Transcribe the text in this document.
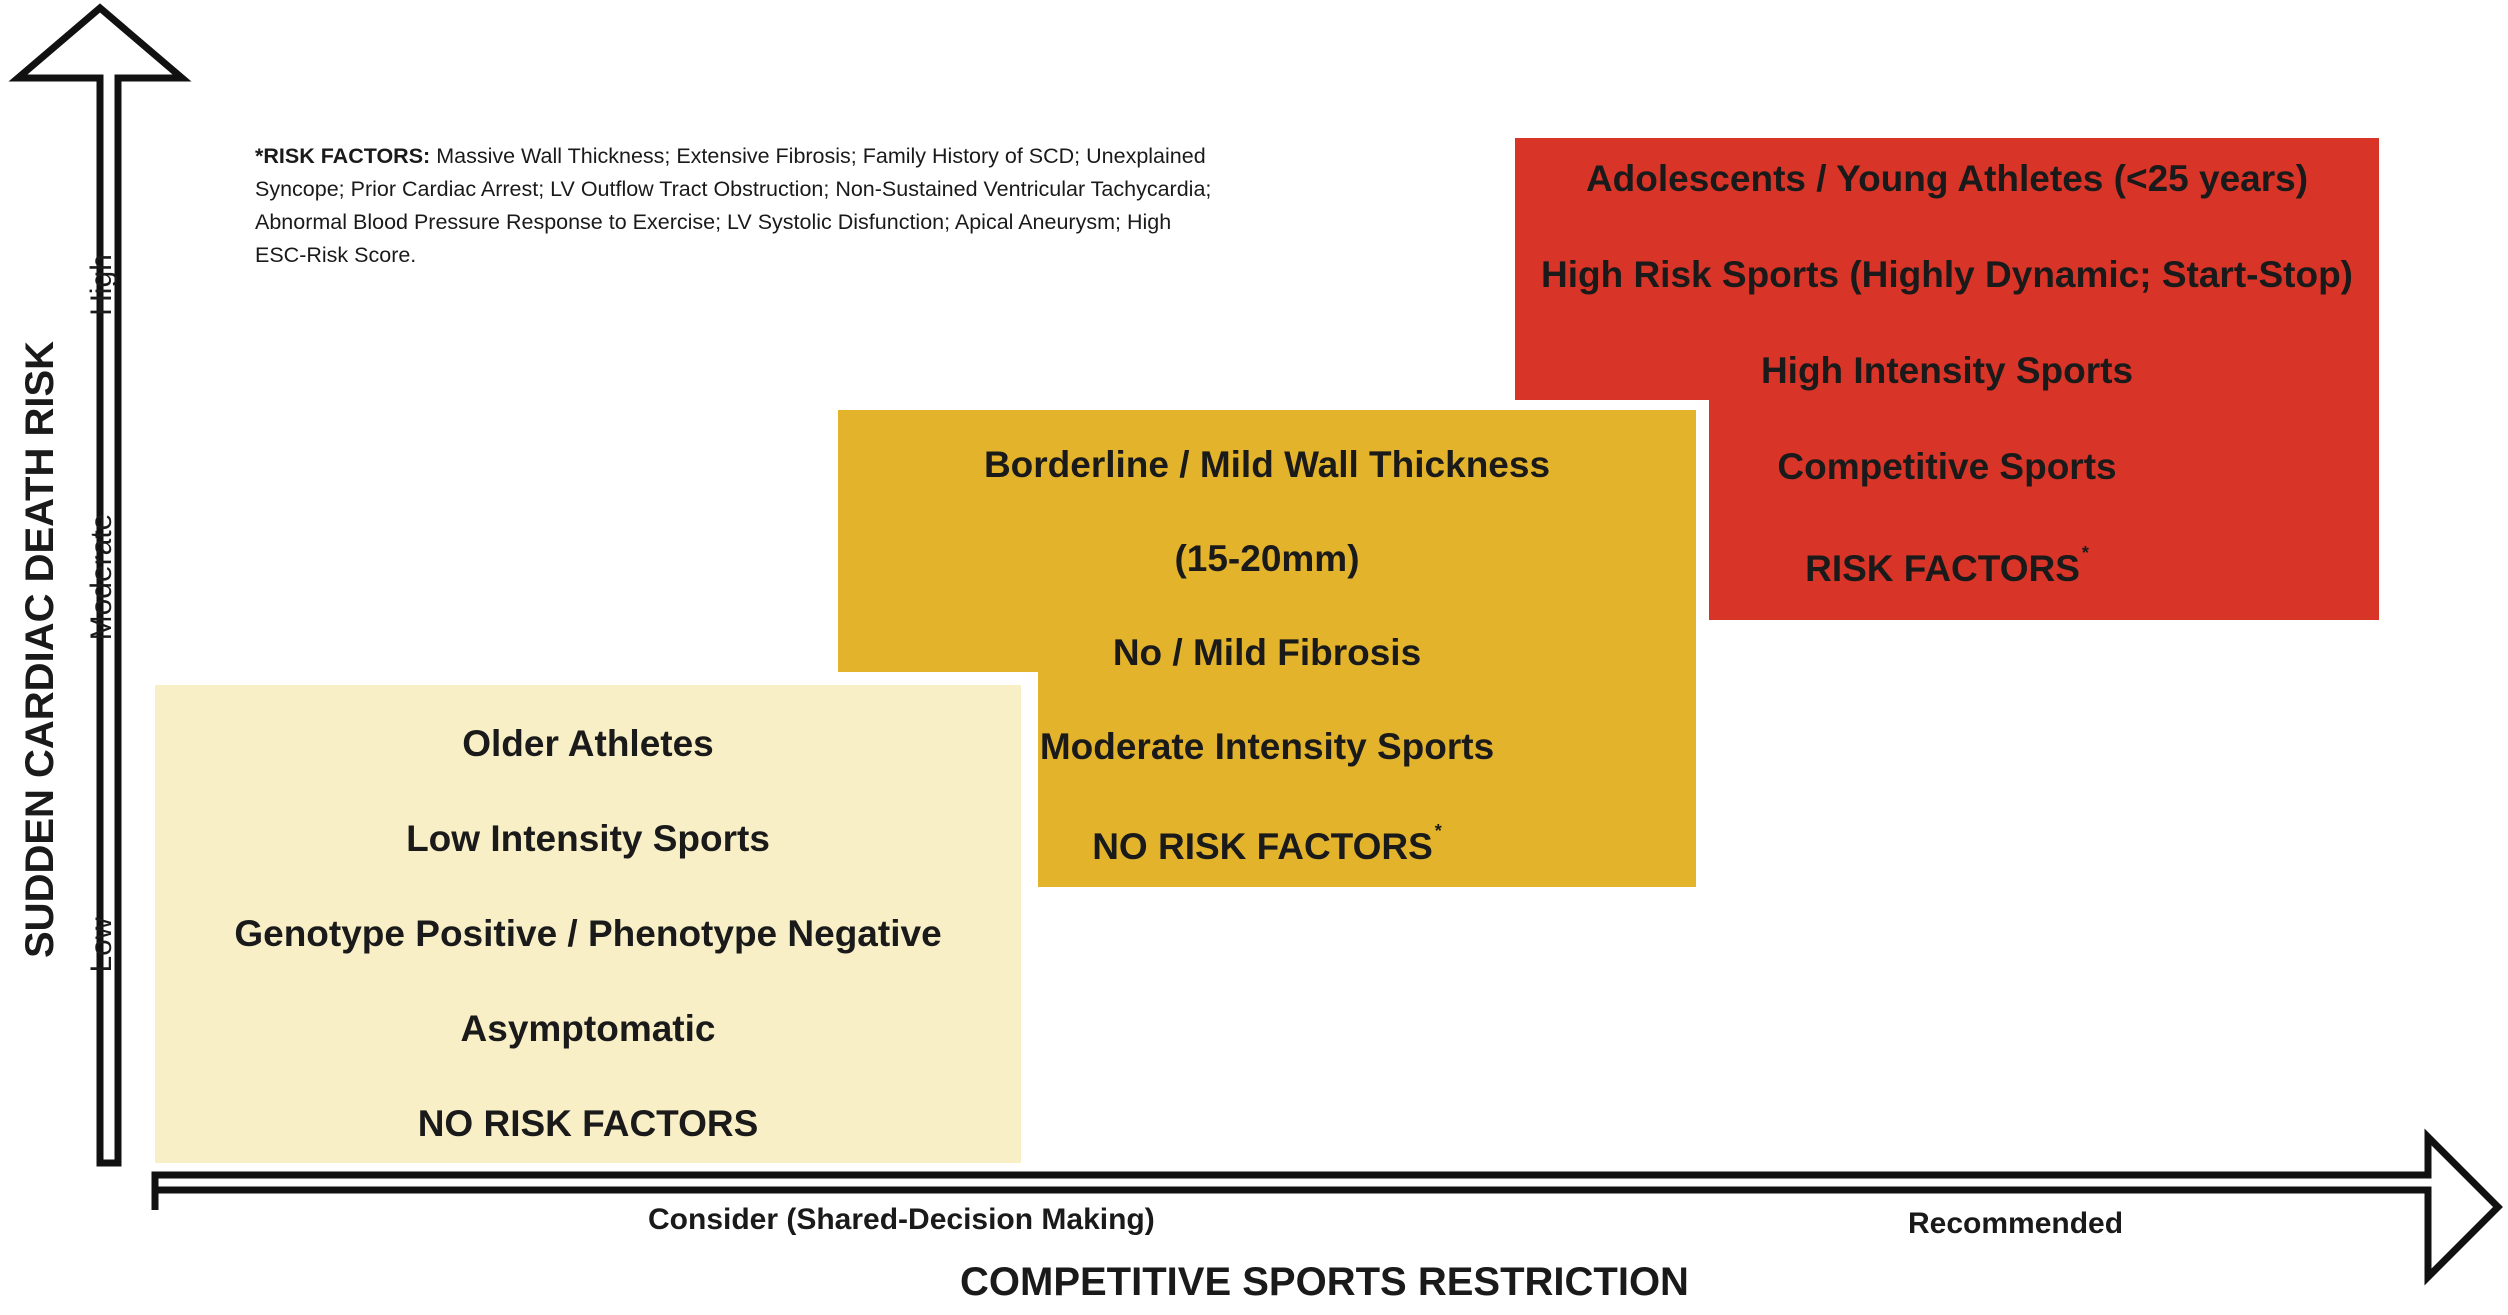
Older Athletes
Low Intensity Sports
Genotype Positive / Phenotype Negative
Asymptomatic
NO RISK FACTORS
Borderline / Mild Wall Thickness
(15-20mm)
No / Mild Fibrosis
Moderate Intensity Sports
NO RISK FACTORS *
Adolescents / Young Athletes (<25 years)
High Risk Sports (Highly Dynamic; Start-Stop)
High Intensity Sports
Competitive Sports
RISK FACTORS *
*RISK FACTORS: Massive Wall Thickness; Extensive Fibrosis; Family History of SCD; Unexplained Syncope; Prior Cardiac Arrest; LV Outflow Tract Obstruction; Non-Sustained Ventricular Tachycardia; Abnormal Blood Pressure Response to Exercise; LV Systolic Disfunction; Apical Aneurysm; High ESC-Risk Score.
SUDDEN CARDIAC DEATH RISK
High
Moderate
Low
Consider (Shared-Decision Making)	Recommended
COMPETITIVE SPORTS RESTRICTION
